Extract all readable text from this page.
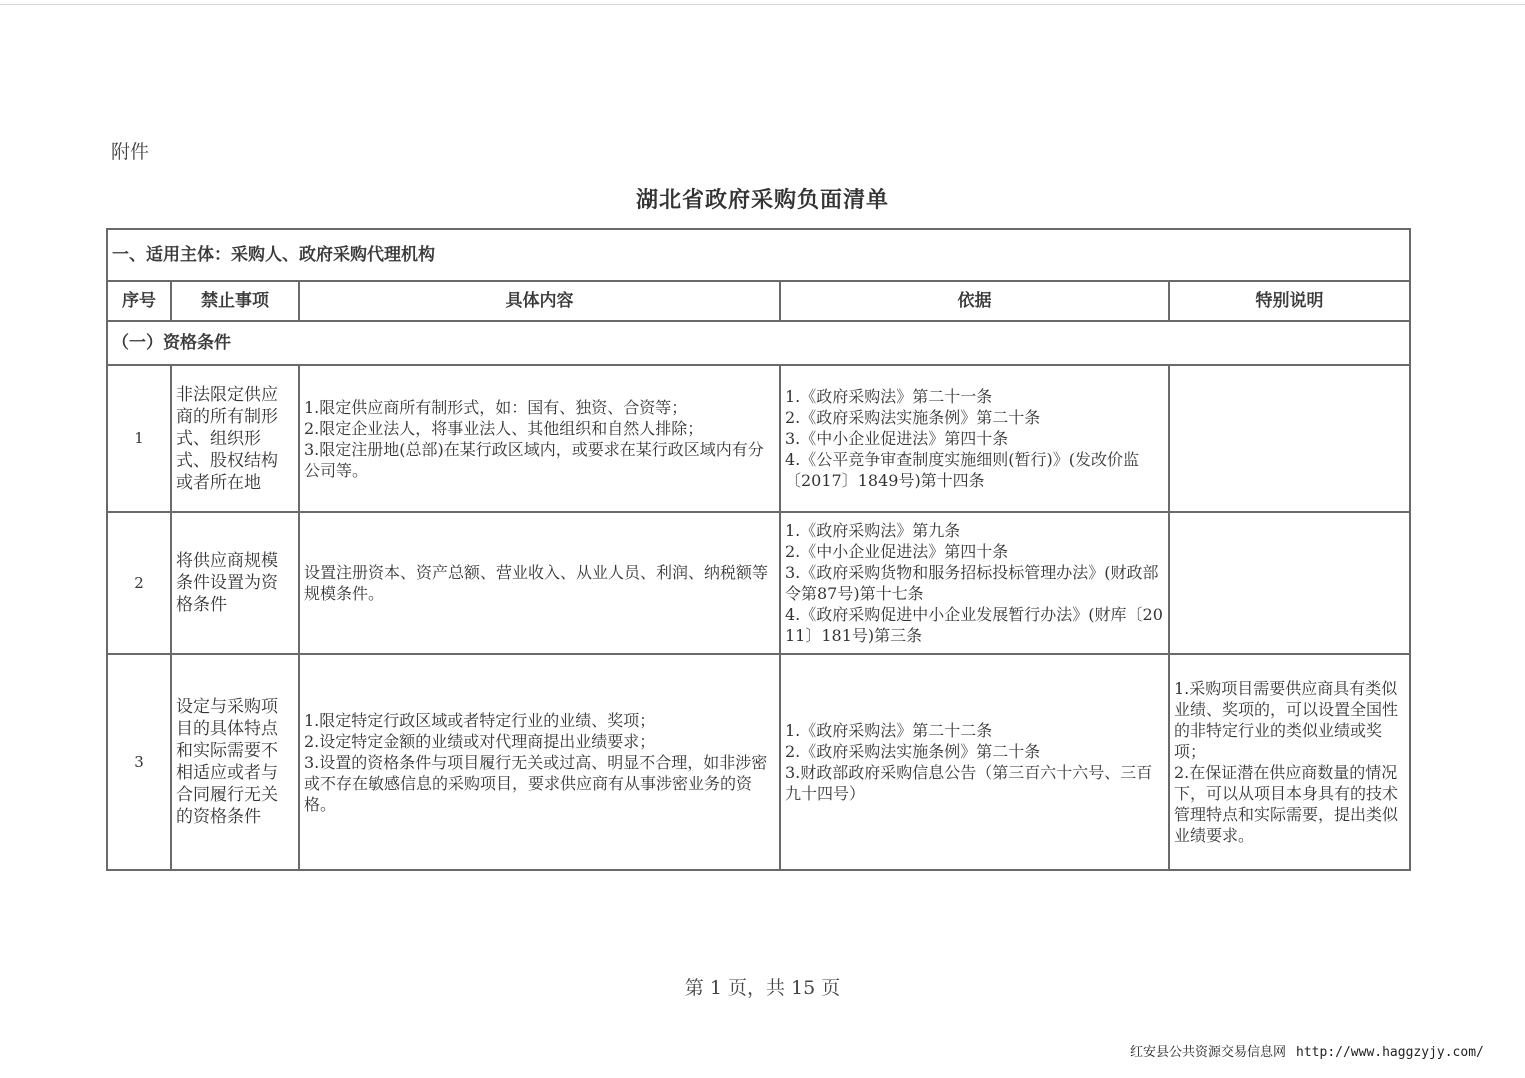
附件
湖北省政府采购负面清单
一、适用主体：采购人、政府采购代理机构				
序号	禁止事项	具体内容	依据	特别说明
（一）资格条件				
1	非法限定供应商的所有制形式、组织形式、股权结构或者所在地	1.限定供应商所有制形式，如：国有、独资、合资等；
2.限定企业法人，将事业法人、其他组织和自然人排除；
3.限定注册地(总部)在某行政区域内，或要求在某行政区域内有分公司等。	1.《政府采购法》第二十一条
2.《政府采购法实施条例》第二十条
3.《中小企业促进法》第四十条
4.《公平竞争审查制度实施细则(暂行)》(发改价监〔2017〕1849号)第十四条	
2	将供应商规模条件设置为资格条件	设置注册资本、资产总额、营业收入、从业人员、利润、纳税额等规模条件。	1.《政府采购法》第九条
2.《中小企业促进法》第四十条
3.《政府采购货物和服务招标投标管理办法》(财政部令第87号)第十七条
4.《政府采购促进中小企业发展暂行办法》(财库〔2011〕181号)第三条	
3	设定与采购项目的具体特点和实际需要不相适应或者与合同履行无关的资格条件	1.限定特定行政区域或者特定行业的业绩、奖项；
2.设定特定金额的业绩或对代理商提出业绩要求；
3.设置的资格条件与项目履行无关或过高、明显不合理，如非涉密或不存在敏感信息的采购项目，要求供应商有从事涉密业务的资格。	1.《政府采购法》第二十二条
2.《政府采购法实施条例》第二十条
3.财政部政府采购信息公告（第三百六十六号、三百九十四号）	1.采购项目需要供应商具有类似业绩、奖项的，可以设置全国性的非特定行业的类似业绩或奖项；
2.在保证潜在供应商数量的情况下，可以从项目本身具有的技术管理特点和实际需要，提出类似业绩要求。
第 1 页，共 15 页
红安县公共资源交易信息网 http://www.haggzyjy.com/
